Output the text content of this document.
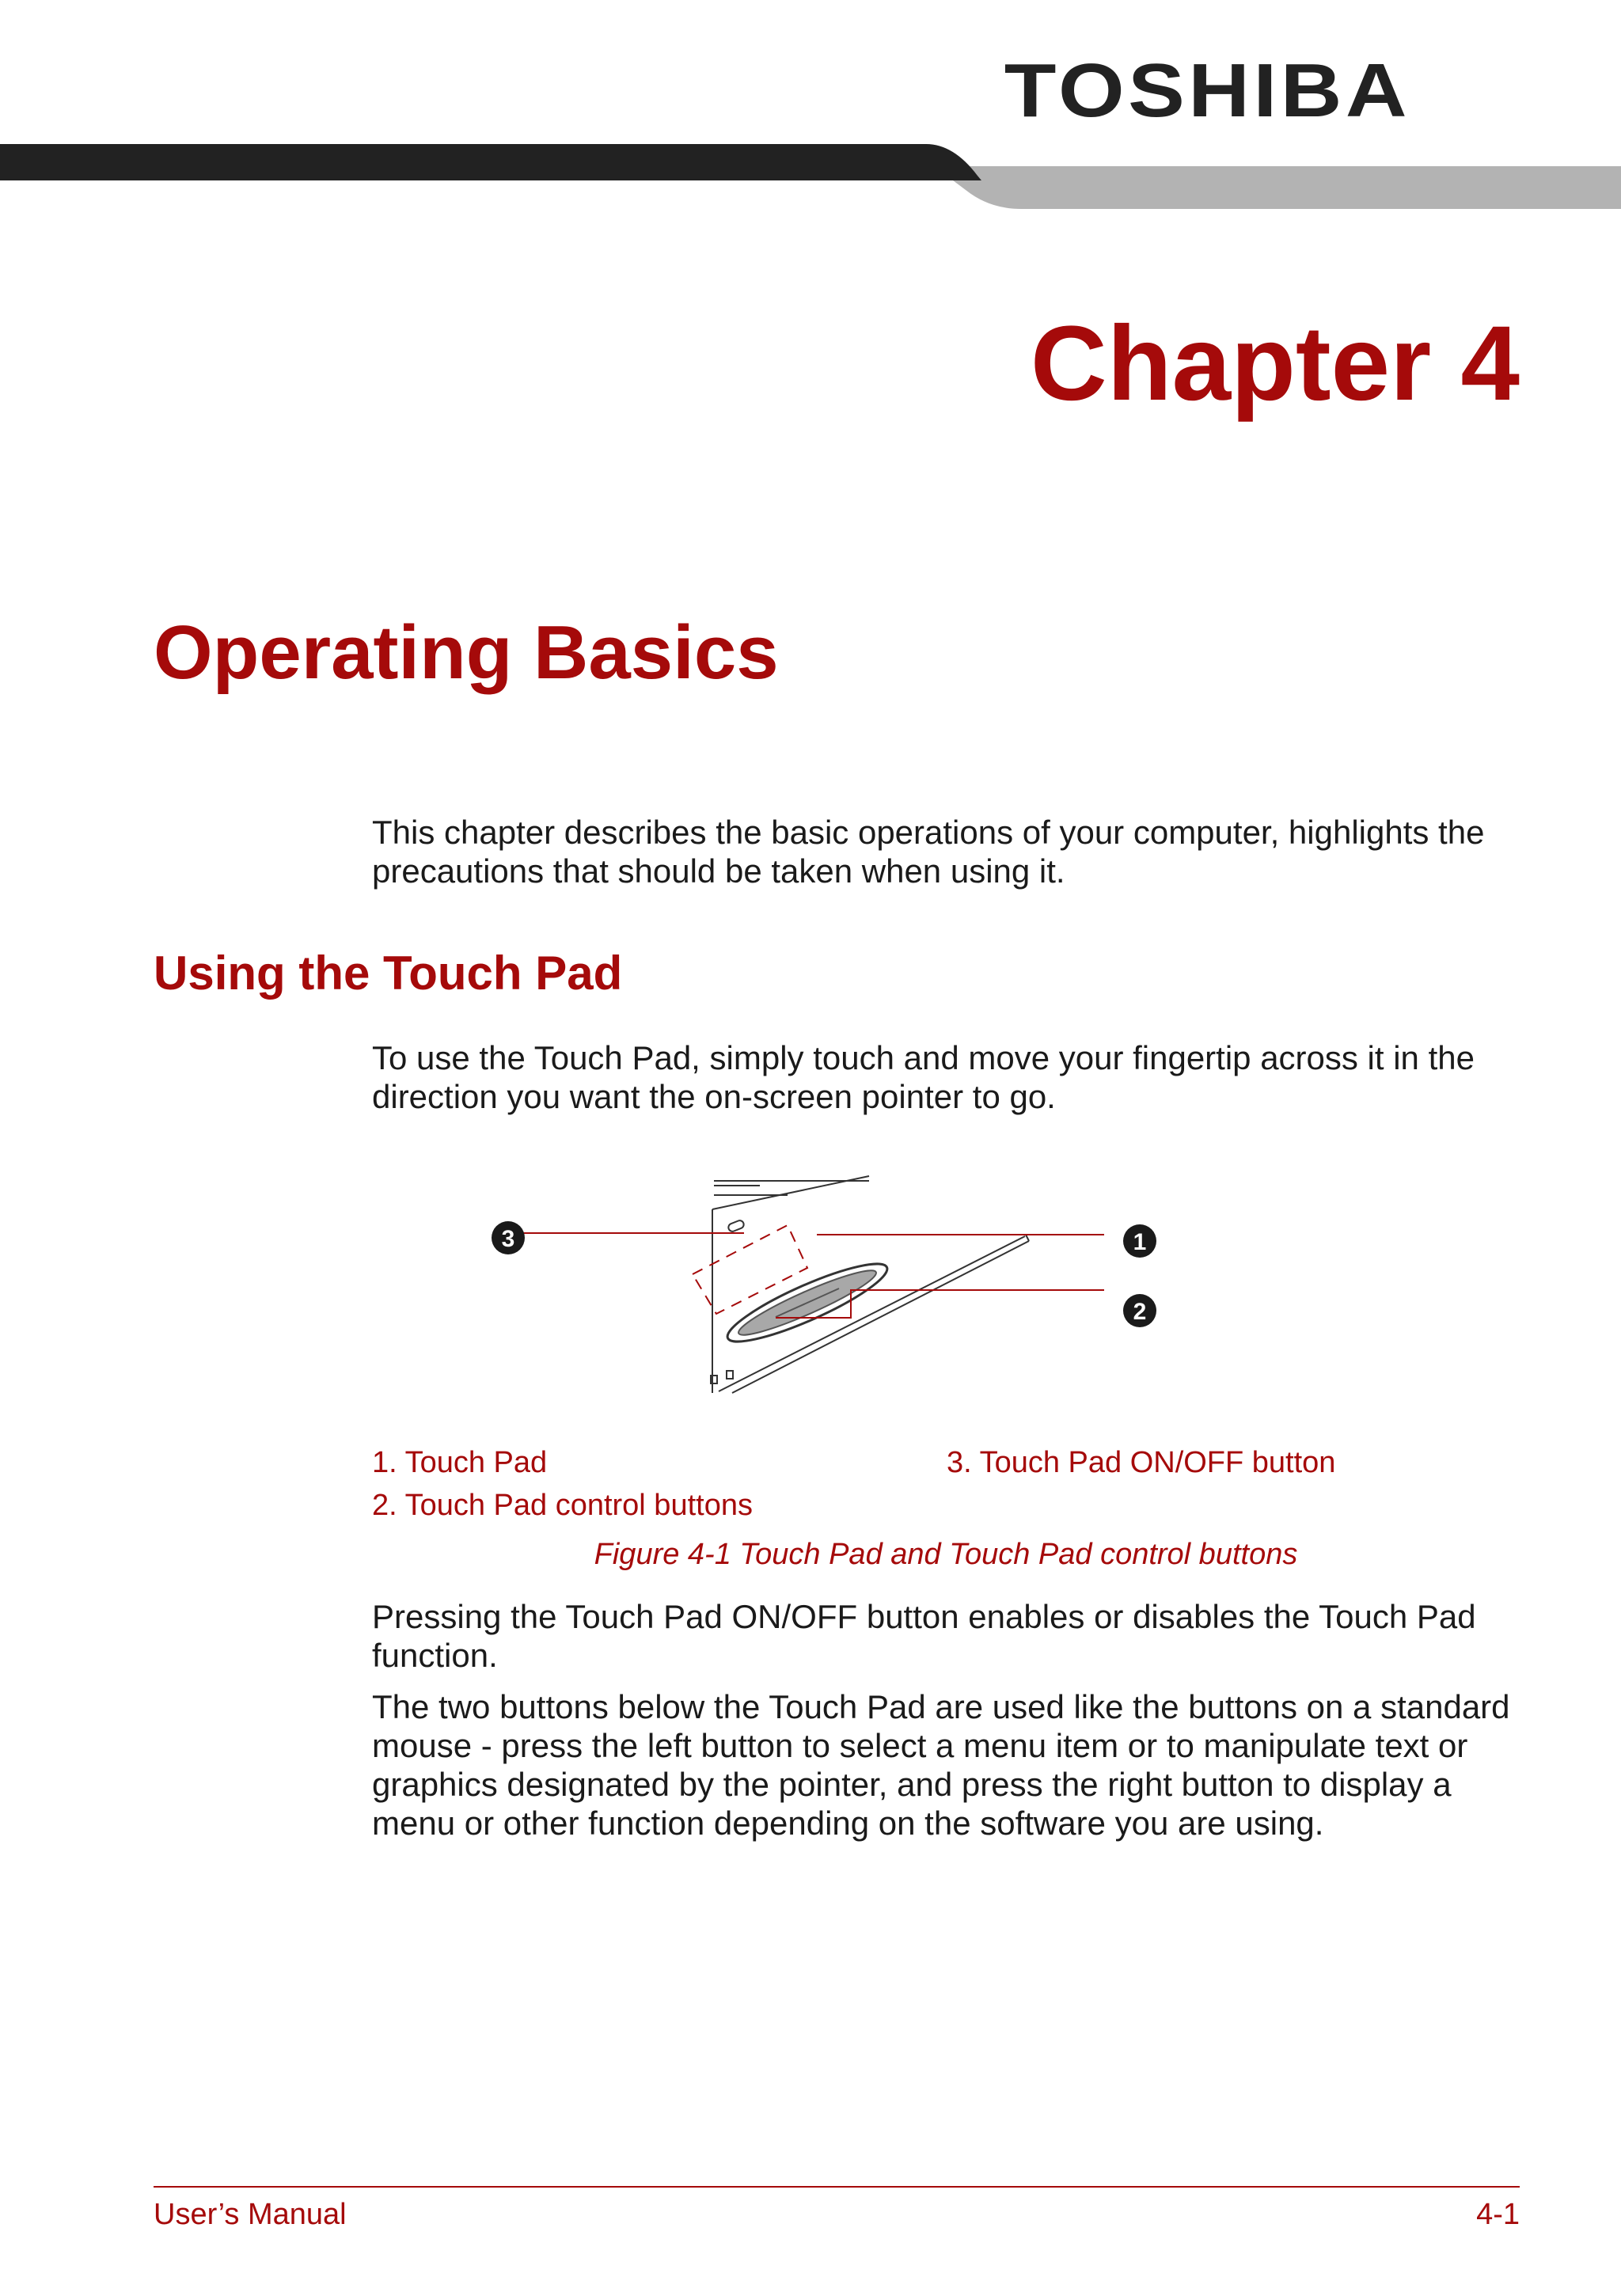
TOSHIBA
Chapter 4
Operating Basics

This chapter describes the basic operations of your computer, highlights the precautions that should be taken when using it.

Using the Touch Pad

To use the Touch Pad, simply touch and move your fingertip across it in the direction you want the on-screen pointer to go.

3	1
2

1. Touch Pad	3. Touch Pad ON/OFF button

2. Touch Pad control buttons

Figure 4-1 Touch Pad and Touch Pad control buttons

Pressing the Touch Pad ON/OFF button enables or disables the Touch Pad function.

The two buttons below the Touch Pad are used like the buttons on a standard mouse - press the left button to select a menu item or to manipulate text or graphics designated by the pointer, and press the right button to display a menu or other function depending on the software you are using.

User’s Manual	4-1
